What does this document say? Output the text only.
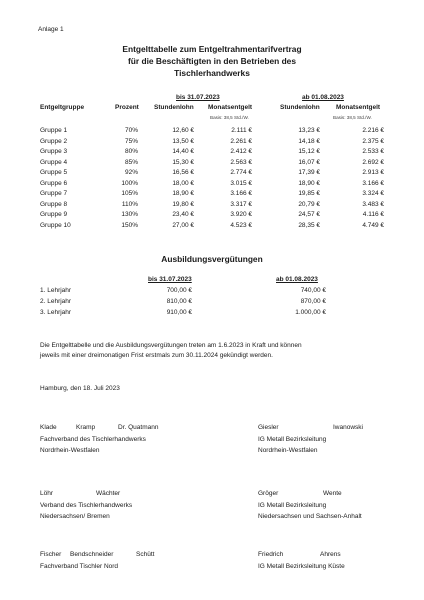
Anlage 1
Entgelttabelle zum Entgeltrahmentarifvertrag
für die Beschäftigten in den Betrieben des
Tischlerhandwerks
bis 31.07.2023	ab 01.08.2023
Entgeltgruppe	Prozent Stundenlohn Monatsentgelt	Stundenlohn	Monatsentgelt
Basis: 38,5 Std./W.	Basis: 38,5 Std./W.
Gruppe 1	70%	12,60 €	2.111 €	13,23 €	2.216 €
Gruppe 2	75%	13,50 €	2.261 €	14,18 €	2.375 €
Gruppe 3	80%	14,40 €	2.412 €	15,12 €	2.533 €
Gruppe 4	85%	15,30 €	2.563 €	16,07 €	2.692 €
Gruppe 5	92%	16,56 €	2.774 €	17,39 €	2.913 €
Gruppe 6	100%	18,00 €	3.015 €	18,90 €	3.166 €
Gruppe 7	105%	18,90 €	3.166 €	19,85 €	3.324 €
Gruppe 8	110%	19,80 €	3.317 €	20,79 €	3.483 €
Gruppe 9	130%	23,40 €	3.920 €	24,57 €	4.116 €
Gruppe 10	150%	27,00 €	4.523 €	28,35 €	4.749 €
Ausbildungsvergütungen
bis 31.07.2023	ab 01.08.2023
1. Lehrjahr	700,00 €	740,00 €
2. Lehrjahr	810,00 €	870,00 €
3. Lehrjahr	910,00 €	1.000,00 €
Die Entgelttabelle und die Ausbildungsvergütungen treten am 1.6.2023 in Kraft und können
jeweils mit einer dreimonatigen Frist erstmals zum 30.11.2024 gekündigt werden.
Hamburg, den 18. Juli 2023
Klade	Kramp	Dr. Quatmann
Fachverband des Tischlerhandwerks
Nordrhein-Westfalen
Löhr	Wächter
Verband des Tischlerhandwerks
Niedersachsen/ Bremen
Fischer Bendschneider	Schütt
Fachverband Tischler Nord
Giesler	Iwanowski
IG Metall Bezirksleitung
Nordrhein-Westfalen
Gröger	Wente
IG Metall Bezirksleitung
Niedersachsen und Sachsen-Anhalt
Friedrich	Ahrens
IG Metall Bezirksleitung Küste
